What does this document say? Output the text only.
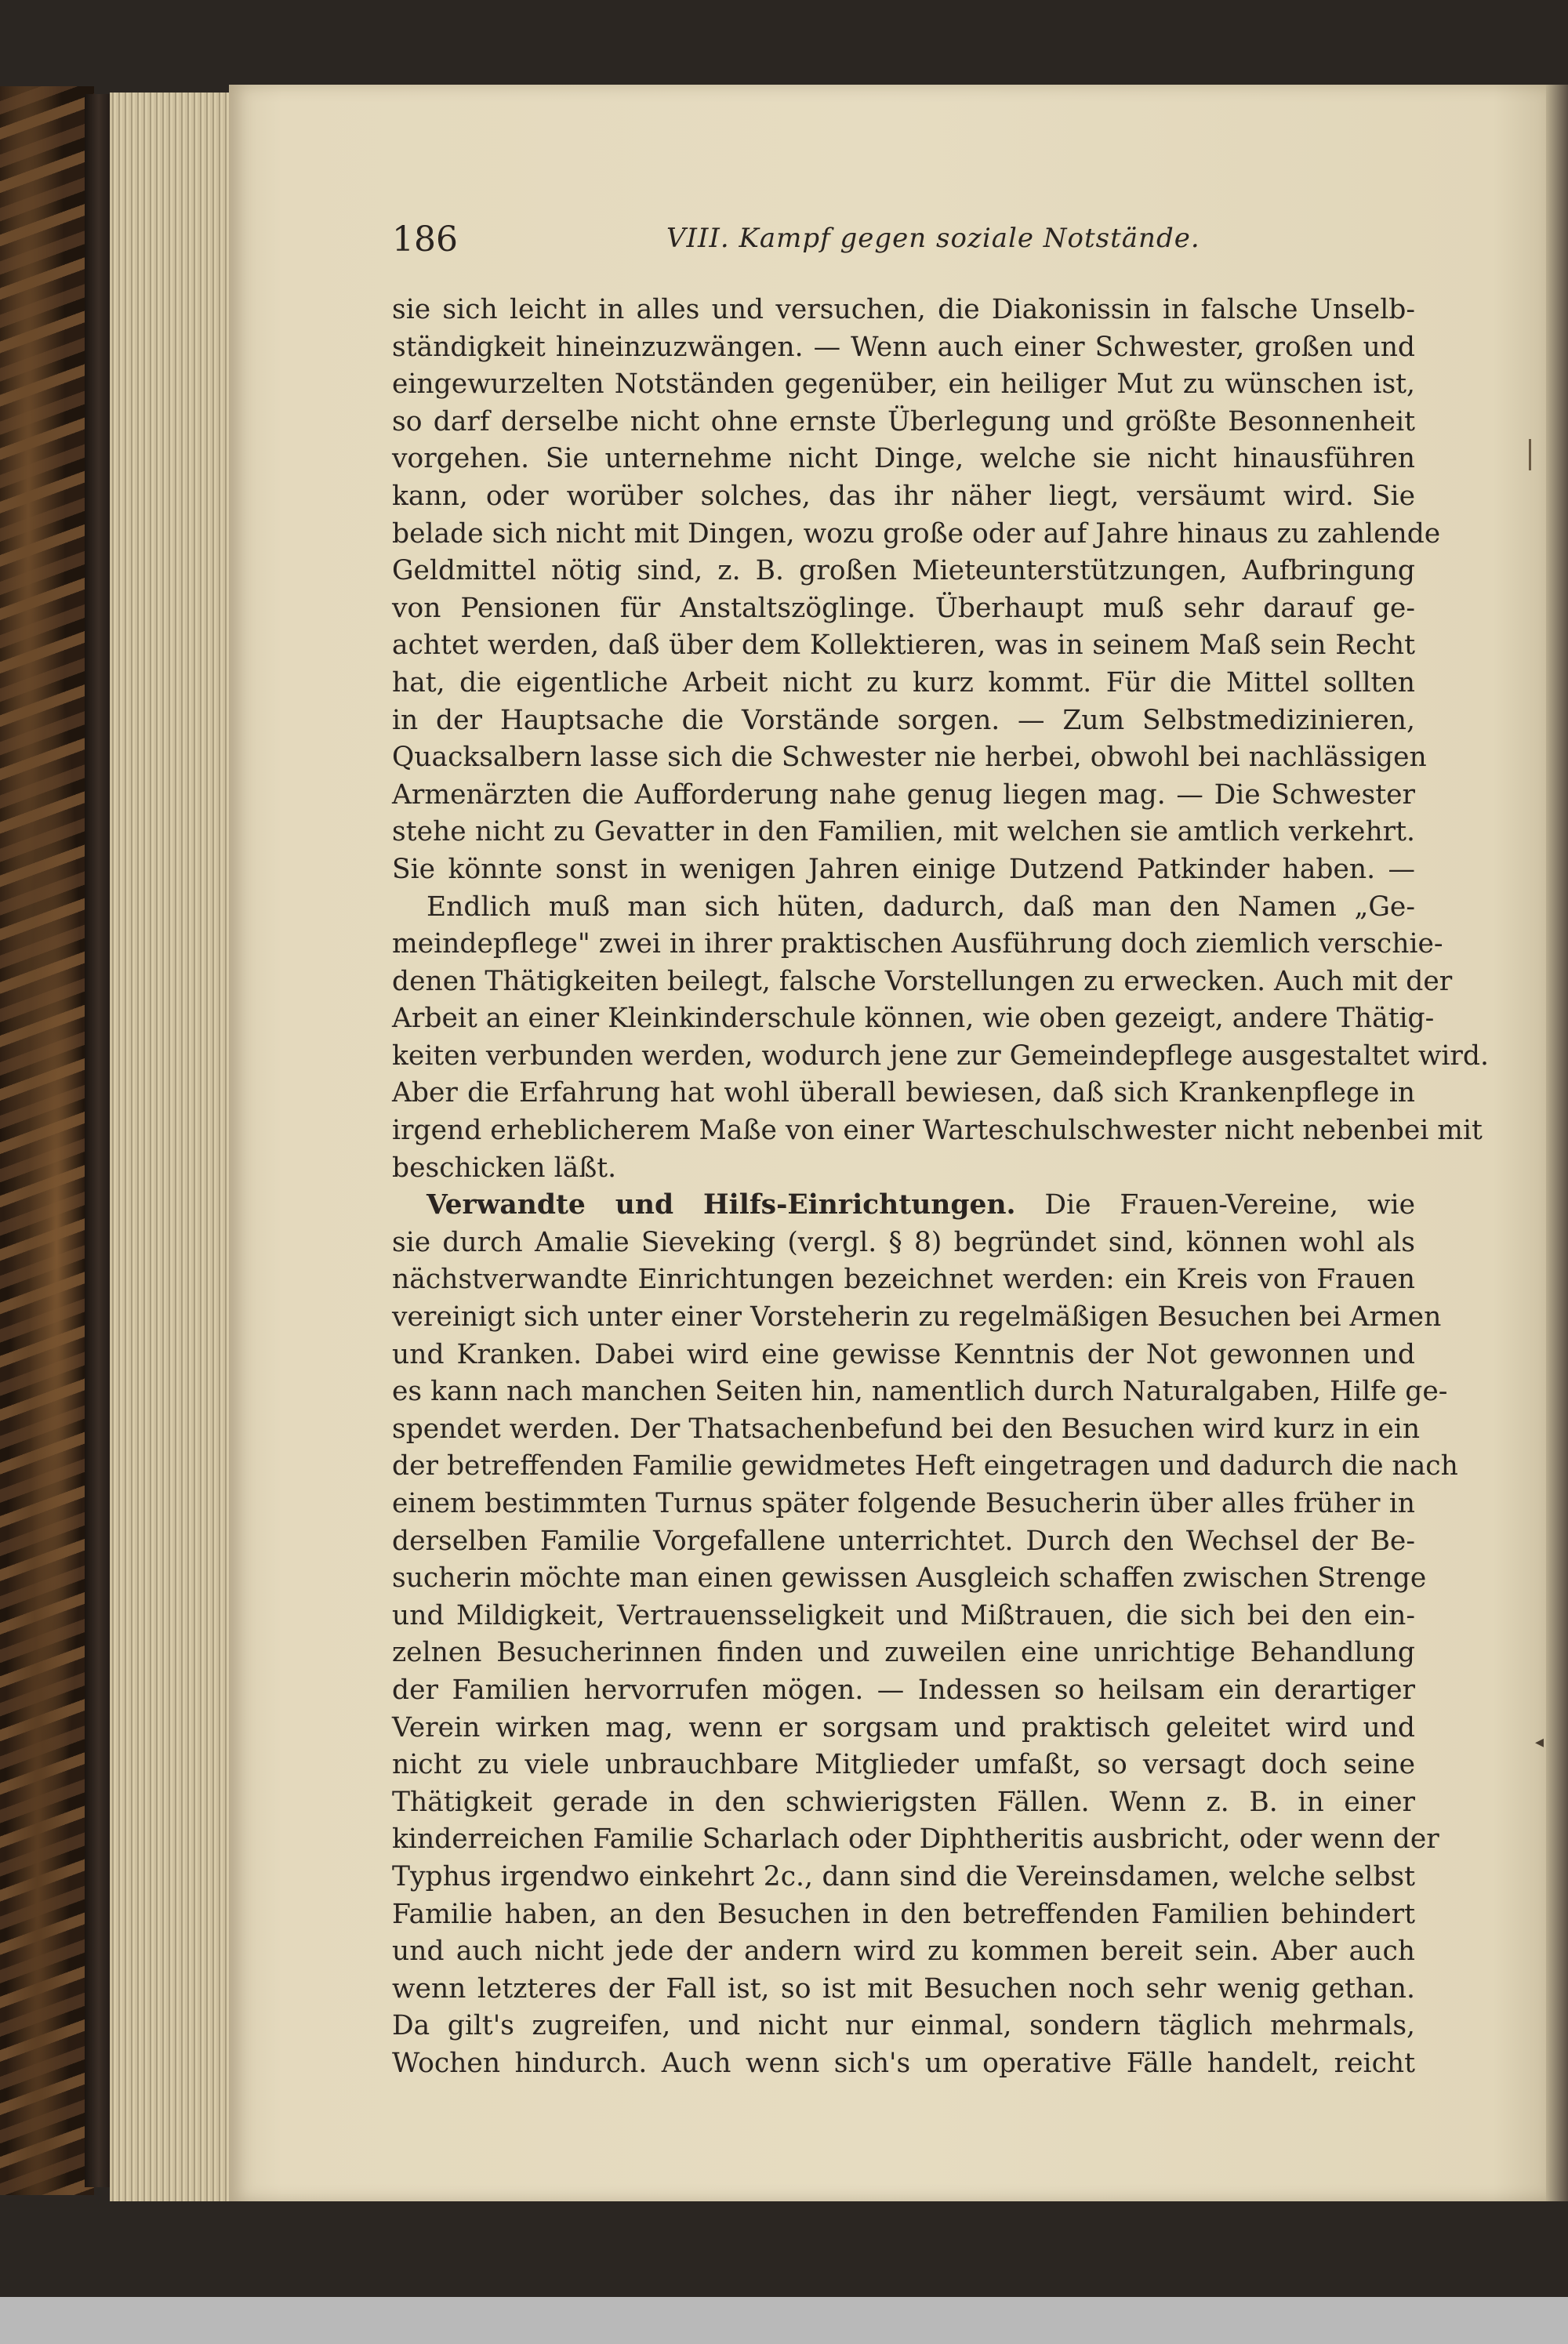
◂
186	VIII. Kampf gegen soziale Notstände.
sie sich leicht in alles und versuchen, die Diakonissin in falsche Unselb-
ständigkeit hineinzuzwängen. — Wenn auch einer Schwester, großen und
eingewurzelten Notständen gegenüber, ein heiliger Mut zu wünschen ist,
so darf derselbe nicht ohne ernste Überlegung und größte Besonnenheit
vorgehen. Sie unternehme nicht Dinge, welche sie nicht hinausführen
kann, oder worüber solches, das ihr näher liegt, versäumt wird. Sie
belade sich nicht mit Dingen, wozu große oder auf Jahre hinaus zu zahlende
Geldmittel nötig sind, z. B. großen Mieteunterstützungen, Aufbringung
von Pensionen für Anstaltszöglinge. Überhaupt muß sehr darauf ge-
achtet werden, daß über dem Kollektieren, was in seinem Maß sein Recht
hat, die eigentliche Arbeit nicht zu kurz kommt. Für die Mittel sollten
in der Hauptsache die Vorstände sorgen. — Zum Selbstmedizinieren,
Quacksalbern lasse sich die Schwester nie herbei, obwohl bei nachlässigen
Armenärzten die Aufforderung nahe genug liegen mag. — Die Schwester
stehe nicht zu Gevatter in den Familien, mit welchen sie amtlich verkehrt.
Sie könnte sonst in wenigen Jahren einige Dutzend Patkinder haben. —
Endlich muß man sich hüten, dadurch, daß man den Namen „Ge-
meindepflege" zwei in ihrer praktischen Ausführung doch ziemlich verschie-
denen Thätigkeiten beilegt, falsche Vorstellungen zu erwecken. Auch mit der
Arbeit an einer Kleinkinderschule können, wie oben gezeigt, andere Thätig-
keiten verbunden werden, wodurch jene zur Gemeindepflege ausgestaltet wird.
Aber die Erfahrung hat wohl überall bewiesen, daß sich Krankenpflege in
irgend erheblicherem Maße von einer Warteschulschwester nicht nebenbei mit
beschicken läßt.
Verwandte und Hilfs-Einrichtungen. Die Frauen-Vereine, wie
sie durch Amalie Sieveking (vergl. § 8) begründet sind, können wohl als
nächstverwandte Einrichtungen bezeichnet werden: ein Kreis von Frauen
vereinigt sich unter einer Vorsteherin zu regelmäßigen Besuchen bei Armen
und Kranken. Dabei wird eine gewisse Kenntnis der Not gewonnen und
es kann nach manchen Seiten hin, namentlich durch Naturalgaben, Hilfe ge-
spendet werden. Der Thatsachenbefund bei den Besuchen wird kurz in ein
der betreffenden Familie gewidmetes Heft eingetragen und dadurch die nach
einem bestimmten Turnus später folgende Besucherin über alles früher in
derselben Familie Vorgefallene unterrichtet. Durch den Wechsel der Be-
sucherin möchte man einen gewissen Ausgleich schaffen zwischen Strenge
und Mildigkeit, Vertrauensseligkeit und Mißtrauen, die sich bei den ein-
zelnen Besucherinnen finden und zuweilen eine unrichtige Behandlung
der Familien hervorrufen mögen. — Indessen so heilsam ein derartiger
Verein wirken mag, wenn er sorgsam und praktisch geleitet wird und
nicht zu viele unbrauchbare Mitglieder umfaßt, so versagt doch seine
Thätigkeit gerade in den schwierigsten Fällen. Wenn z. B. in einer
kinderreichen Familie Scharlach oder Diphtheritis ausbricht, oder wenn der
Typhus irgendwo einkehrt 2c., dann sind die Vereinsdamen, welche selbst
Familie haben, an den Besuchen in den betreffenden Familien behindert
und auch nicht jede der andern wird zu kommen bereit sein. Aber auch
wenn letzteres der Fall ist, so ist mit Besuchen noch sehr wenig gethan.
Da gilt's zugreifen, und nicht nur einmal, sondern täglich mehrmals,
Wochen hindurch. Auch wenn sich's um operative Fälle handelt, reicht
